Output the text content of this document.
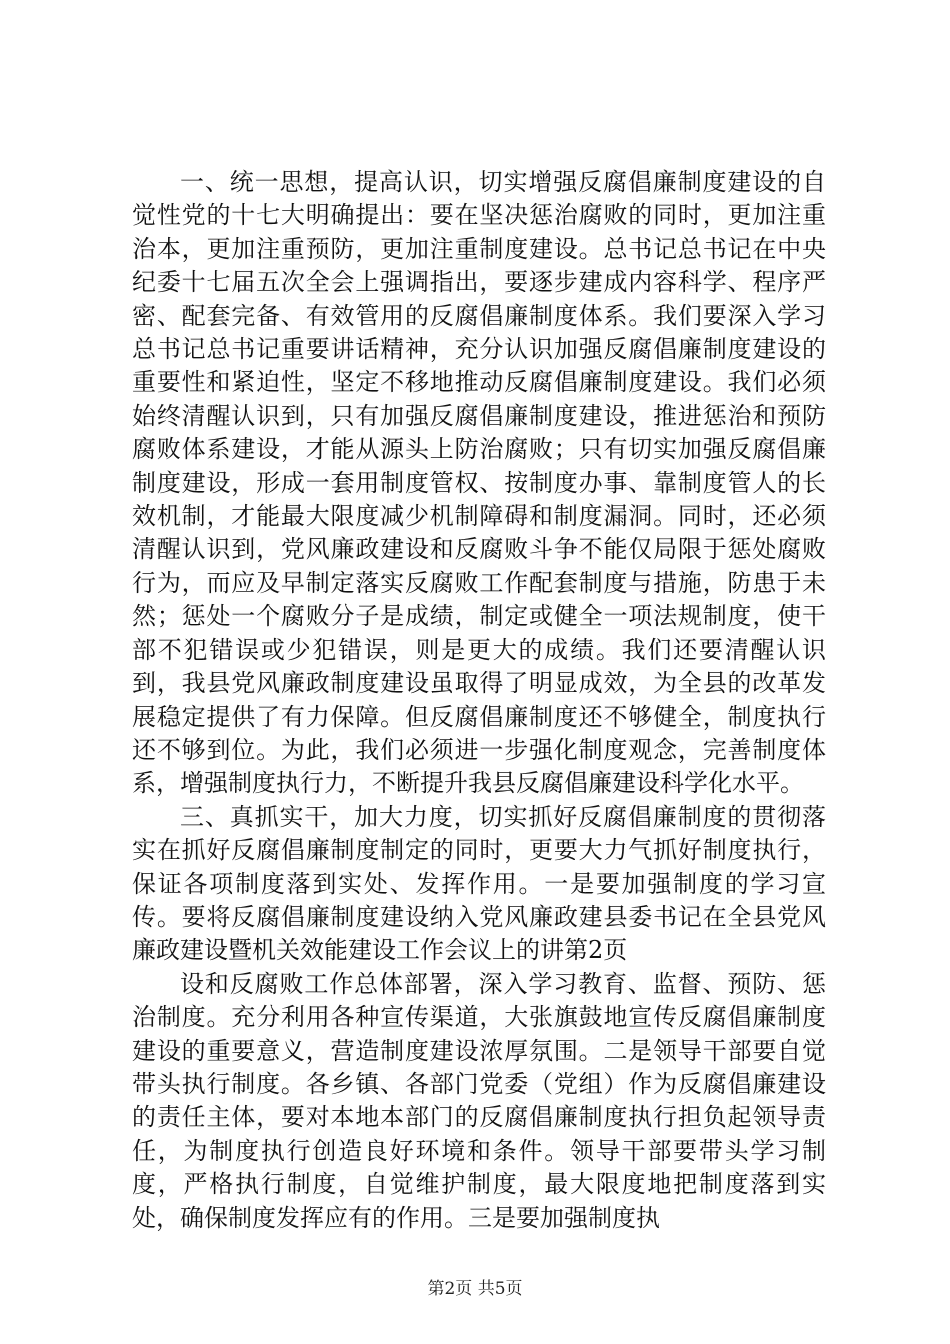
一、统一思想，提高认识，切实增强反腐倡廉制度建设的自觉性党的十七大明确提出：要在坚决惩治腐败的同时，更加注重治本，更加注重预防，更加注重制度建设。总书记总书记在中央纪委十七届五次全会上强调指出，要逐步建成内容科学、程序严密、配套完备、有效管用的反腐倡廉制度体系。我们要深入学习总书记总书记重要讲话精神，充分认识加强反腐倡廉制度建设的重要性和紧迫性，坚定不移地推动反腐倡廉制度建设。我们必须始终清醒认识到，只有加强反腐倡廉制度建设，推进惩治和预防腐败体系建设，才能从源头上防治腐败；只有切实加强反腐倡廉制度建设，形成一套用制度管权、按制度办事、靠制度管人的长效机制，才能最大限度减少机制障碍和制度漏洞。同时，还必须清醒认识到，党风廉政建设和反腐败斗争不能仅局限于惩处腐败行为，而应及早制定落实反腐败工作配套制度与措施，防患于未然；惩处一个腐败分子是成绩，制定或健全一项法规制度，使干部不犯错误或少犯错误，则是更大的成绩。我们还要清醒认识到，我县党风廉政制度建设虽取得了明显成效，为全县的改革发展稳定提供了有力保障。但反腐倡廉制度还不够健全，制度执行还不够到位。为此，我们必须进一步强化制度观念，完善制度体系，增强制度执行力，不断提升我县反腐倡廉建设科学化水平。

三、真抓实干，加大力度，切实抓好反腐倡廉制度的贯彻落实在抓好反腐倡廉制度制定的同时，更要大力气抓好制度执行，保证各项制度落到实处、发挥作用。一是要加强制度的学习宣传。要将反腐倡廉制度建设纳入党风廉政建县委书记在全县党风廉政建设暨机关效能建设工作会议上的讲第2页

设和反腐败工作总体部署，深入学习教育、监督、预防、惩治制度。充分利用各种宣传渠道，大张旗鼓地宣传反腐倡廉制度建设的重要意义，营造制度建设浓厚氛围。二是领导干部要自觉带头执行制度。各乡镇、各部门党委（党组）作为反腐倡廉建设的责任主体，要对本地本部门的反腐倡廉制度执行担负起领导责任，为制度执行创造良好环境和条件。领导干部要带头学习制度，严格执行制度，自觉维护制度，最大限度地把制度落到实处，确保制度发挥应有的作用。三是要加强制度执

第2页 共5页
